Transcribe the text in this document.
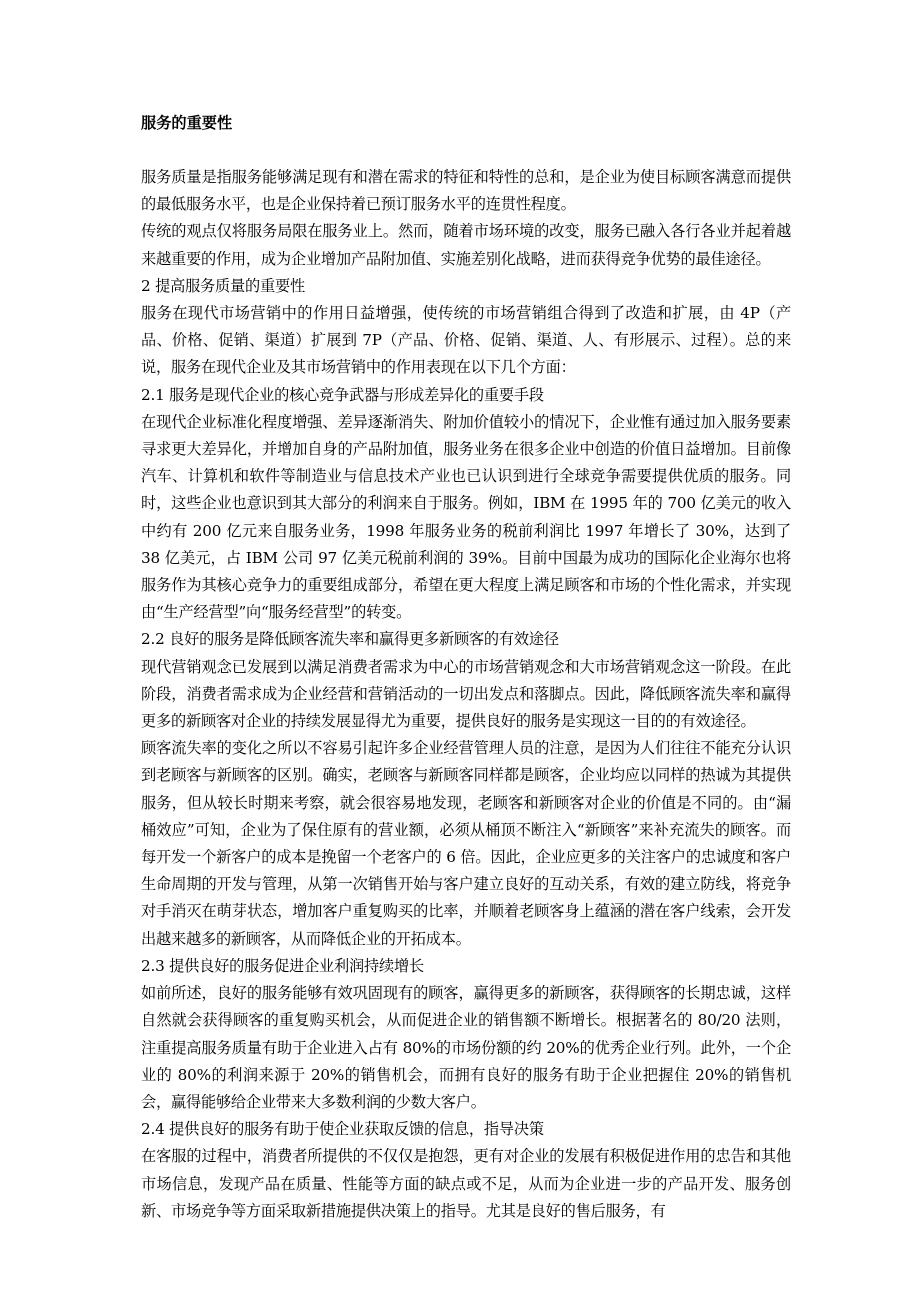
服务的重要性

服务质量是指服务能够满足现有和潜在需求的特征和特性的总和，是企业为使目标顾客满意而提供的最低服务水平，也是企业保持着已预订服务水平的连贯性程度。

传统的观点仅将服务局限在服务业上。然而，随着市场环境的改变，服务已融入各行各业并起着越来越重要的作用，成为企业增加产品附加值、实施差别化战略，进而获得竞争优势的最佳途径。

2 提高服务质量的重要性

服务在现代市场营销中的作用日益增强，使传统的市场营销组合得到了改造和扩展，由 4P（产品、价格、促销、渠道）扩展到 7P（产品、价格、促销、渠道、人、有形展示、过程）。总的来说，服务在现代企业及其市场营销中的作用表现在以下几个方面：

2.1 服务是现代企业的核心竞争武器与形成差异化的重要手段

在现代企业标准化程度增强、差异逐渐消失、附加价值较小的情况下，企业惟有通过加入服务要素寻求更大差异化，并增加自身的产品附加值，服务业务在很多企业中创造的价值日益增加。目前像汽车、计算机和软件等制造业与信息技术产业也已认识到进行全球竞争需要提供优质的服务。同时，这些企业也意识到其大部分的利润来自于服务。例如，IBM 在 1995 年的 700 亿美元的收入中约有 200 亿元来自服务业务，1998 年服务业务的税前利润比 1997 年增长了 30%，达到了 38 亿美元，占 IBM 公司 97 亿美元税前利润的 39%。目前中国最为成功的国际化企业海尔也将服务作为其核心竞争力的重要组成部分，希望在更大程度上满足顾客和市场的个性化需求，并实现由“生产经营型”向“服务经营型”的转变。

2.2 良好的服务是降低顾客流失率和赢得更多新顾客的有效途径

现代营销观念已发展到以满足消费者需求为中心的市场营销观念和大市场营销观念这一阶段。在此阶段，消费者需求成为企业经营和营销活动的一切出发点和落脚点。因此，降低顾客流失率和赢得更多的新顾客对企业的持续发展显得尤为重要，提供良好的服务是实现这一目的的有效途径。

顾客流失率的变化之所以不容易引起许多企业经营管理人员的注意，是因为人们往往不能充分认识到老顾客与新顾客的区别。确实，老顾客与新顾客同样都是顾客，企业均应以同样的热诚为其提供服务，但从较长时期来考察，就会很容易地发现，老顾客和新顾客对企业的价值是不同的。由“漏桶效应”可知，企业为了保住原有的营业额，必须从桶顶不断注入“新顾客”来补充流失的顾客。而每开发一个新客户的成本是挽留一个老客户的 6 倍。因此，企业应更多的关注客户的忠诚度和客户生命周期的开发与管理，从第一次销售开始与客户建立良好的互动关系，有效的建立防线，将竞争对手消灭在萌芽状态，增加客户重复购买的比率，并顺着老顾客身上蕴涵的潜在客户线索，会开发出越来越多的新顾客，从而降低企业的开拓成本。

2.3 提供良好的服务促进企业利润持续增长

如前所述，良好的服务能够有效巩固现有的顾客，赢得更多的新顾客，获得顾客的长期忠诚，这样自然就会获得顾客的重复购买机会，从而促进企业的销售额不断增长。根据著名的 80/20 法则，注重提高服务质量有助于企业进入占有 80%的市场份额的约 20%的优秀企业行列。此外，一个企业的 80%的利润来源于 20%的销售机会，而拥有良好的服务有助于企业把握住 20%的销售机会，赢得能够给企业带来大多数利润的少数大客户。

2.4 提供良好的服务有助于使企业获取反馈的信息，指导决策

在客服的过程中，消费者所提供的不仅仅是抱怨，更有对企业的发展有积极促进作用的忠告和其他市场信息，发现产品在质量、性能等方面的缺点或不足，从而为企业进一步的产品开发、服务创新、市场竞争等方面采取新措施提供决策上的指导。尤其是良好的售后服务，有
